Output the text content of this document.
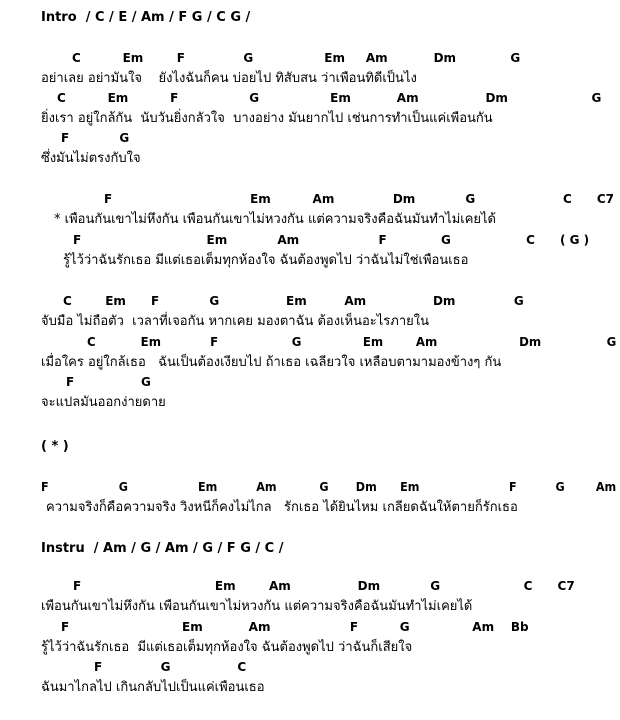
Intro  / C / E / Am / F G / C G /
C          Em        F              G                 Em     Am           Dm             G
อย่าเลย อย่ามันใจ    ยังไงฉันก็คน บ่อยไป ทิสับสน ว่าเพือนทิดีเป็นไง
C          Em          F                 G                 Em           Am                Dm                    G
ยิ่งเรา อยู่ใกล้กัน  นับวันยิ่งกลัวใจ  บางอย่าง มันยากไป เช่นการทำเป็นแค่เพือนกัน
F            G
ซึ่งมันไม่ตรงกับใจ
F                                 Em          Am              Dm            G                     C      C7
* เพือนกันเขาไม่หึงกัน เพือนกันเขาไม่หวงกัน แต่ความจริงคือฉันมันทำไม่เคยได้
F                              Em            Am                   F             G                  C      ( G )
รู้ไว้ว่าฉันรักเธอ มีแต่เธอเต็มทุกห้องใจ ฉันต้องพูดไป ว่าฉันไม่ใช่เพือนเธอ
C        Em      F            G                Em         Am                Dm              G
จับมือ ไม่ถือตัว  เวลาที่เจอกัน หากเคย มองตาฉัน ต้องเห็นอะไรภายใน
C           Em            F                  G               Em        Am                    Dm                G
เมื่อใคร อยู่ใกล้เธอ   ฉันเป็นต้องเงียบไป ถ้าเธอ เฉลียวใจ เหลือบตามามองข้างๆ กัน
F                G
จะแปลมันออกง่ายดาย
( * )
F                  G                  Em          Am           G       Dm      Em                       F          G        Am
ความจริงก็คือความจริง วิงหนีก็คงไม่ไกล   รักเธอ ได้ยินไหม เกลียดฉันให้ตายก็รักเธอ
Instru  / Am / G / Am / G / F G / C /
F                                Em        Am                Dm            G                    C      C7
เพือนกันเขาไม่หึงกัน เพือนกันเขาไม่หวงกัน แต่ความจริงคือฉันมันทำไม่เคยได้
F                           Em           Am                   F          G               Am    Bb
รู้ไว้ว่าฉันรักเธอ  มีแต่เธอเต็มทุกห้องใจ ฉันต้องพูดไป ว่าฉันก็เสียใจ
F              G                C
ฉันมาไกลไป เกินกลับไปเป็นแค่เพือนเธอ
